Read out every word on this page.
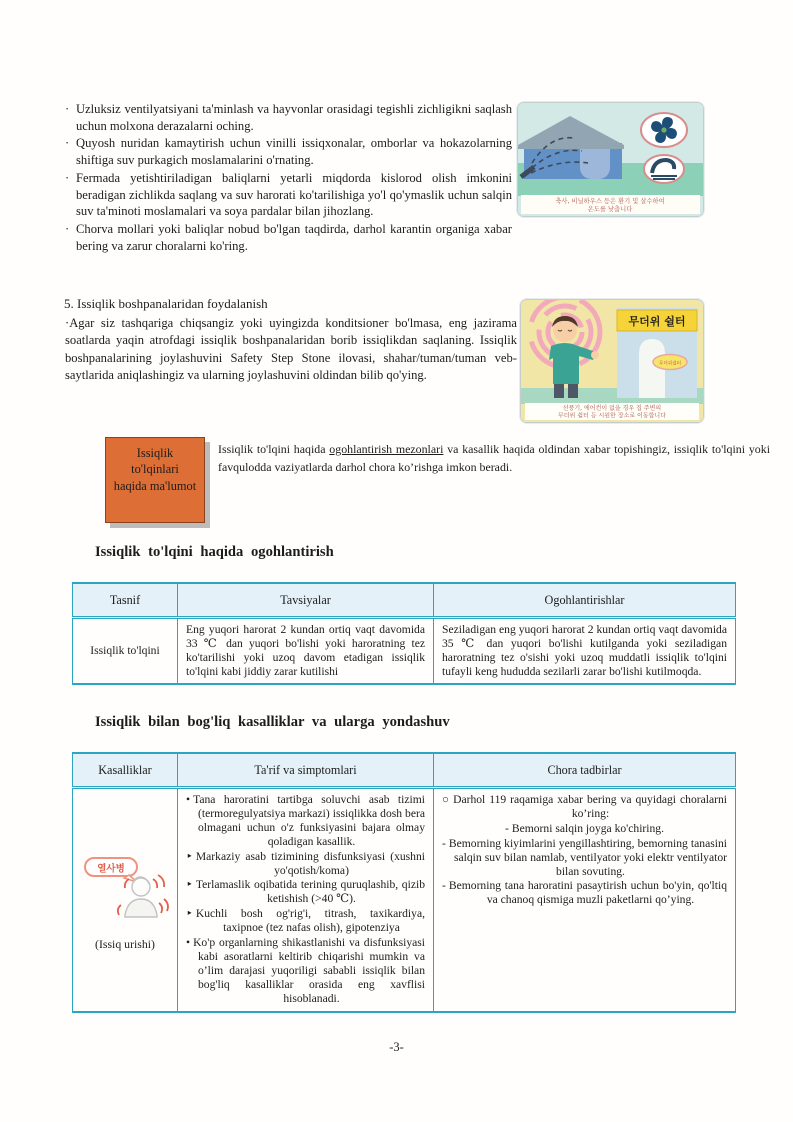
· Uzluksiz ventilyatsiyani ta'minlash va hayvonlar orasidagi tegishli zichligikni saqlash uchun molxona derazalarni oching.
· Quyosh nuridan kamaytirish uchun vinilli issiqxonalar, omborlar va hokazolarning shiftiga suv purkagich moslamalarini o'rnating.
· Fermada yetishtiriladigan baliqlarni yetarli miqdorda kislorod olish imkonini beradigan zichlikda saqlang va suv harorati ko'tarilishiga yo'l qo'ymaslik uchun salqin suv ta'minoti moslamalari va soya pardalar bilan jihozlang.
· Chorva mollari yoki baliqlar nobud bo'lgan taqdirda, darhol karantin organiga xabar bering va zarur choralarni ko'ring.
축사, 비닐하우스 등은 환기 및 살수하여
온도를 낮춥니다
5. Issiqlik boshpanalaridan foydalanish
·Agar siz tashqariga chiqsangiz yoki uyingizda konditsioner bo'lmasa, eng jazirama soatlarda yaqin atrofdagi issiqlik boshpanalaridan borib issiqlikdan saqlaning. Issiqlik boshpanalarining joylashuvini Safety Step Stone ilovasi, shahar/tuman/tuman veb-saytlarida aniqlashingiz va ularning joylashuvini oldindan bilib qo'ying.
무더위 쉴터
무더위쉴터
선풍기, 에어컨이 없을 경우 집 주변의
무더위 쉴터 등 시원한 장소로 이동합니다
Issiqlik
to'lqinlari
haqida ma'lumot
Issiqlik to'lqini haqida ogohlantirish mezonlari va kasallik haqida oldindan xabar topishingiz, issiqlik to'lqini yoki favqulodda vaziyatlarda darhol chora ko’rishga imkon beradi.
Issiqlik to'lqini haqida ogohlantirish
Tasnif	Tavsiyalar	Ogohlantirishlar
Issiqlik to'lqini	Eng yuqori harorat 2 kundan ortiq vaqt davomida 33 ℃ dan yuqori bo'lishi yoki haroratning tez ko'tarilishi yoki uzoq davom etadigan issiqlik to'lqini kabi jiddiy zarar kutilishi	Seziladigan eng yuqori harorat 2 kundan ortiq vaqt davomida 35 ℃ dan yuqori bo'lishi kutilganda yoki seziladigan haroratning tez o'sishi yoki uzoq muddatli issiqlik to'lqini tufayli keng hududda sezilarli zarar bo'lishi kutilmoqda.
Issiqlik bilan bog'liq kasalliklar va ularga yondashuv
Kasalliklar	Ta'rif va simptomlari	Chora tadbirlar

열사병
(Issiq urishi)

• Tana haroratini tartibga soluvchi asab tizimi (termoregulyatsiya markazi) issiqlikka dosh bera olmagani uchun o'z funksiyasini bajara olmay qoladigan kasallik.
‣ Markaziy asab tizimining disfunksiyasi (xushni yo'qotish/koma)
‣ Terlamaslik oqibatida terining quruqlashib, qizib ketishish (>40 ℃).
‣ Kuchli bosh og'rig'i, titrash, taxikardiya, taxipnoe (tez nafas olish), gipotenziya
• Ko'p organlarning shikastlanishi va disfunksiyasi kabi asoratlarni keltirib chiqarishi mumkin va o’lim darajasi yuqoriligi sababli issiqlik bilan bog'liq kasalliklar orasida eng xavflisi hisoblanadi.

○ Darhol 119 raqamiga xabar bering va quyidagi choralarni ko’ring:
- Bemorni salqin joyga ko'chiring.
- Bemorning kiyimlarini yengillashtiring, bemorning tanasini salqin suv bilan namlab, ventilyator yoki elektr ventilyator bilan sovuting.
- Bemorning tana haroratini pasaytirish uchun bo'yin, qo'ltiq va chanoq qismiga muzli paketlarni qo’ying.
-3-
